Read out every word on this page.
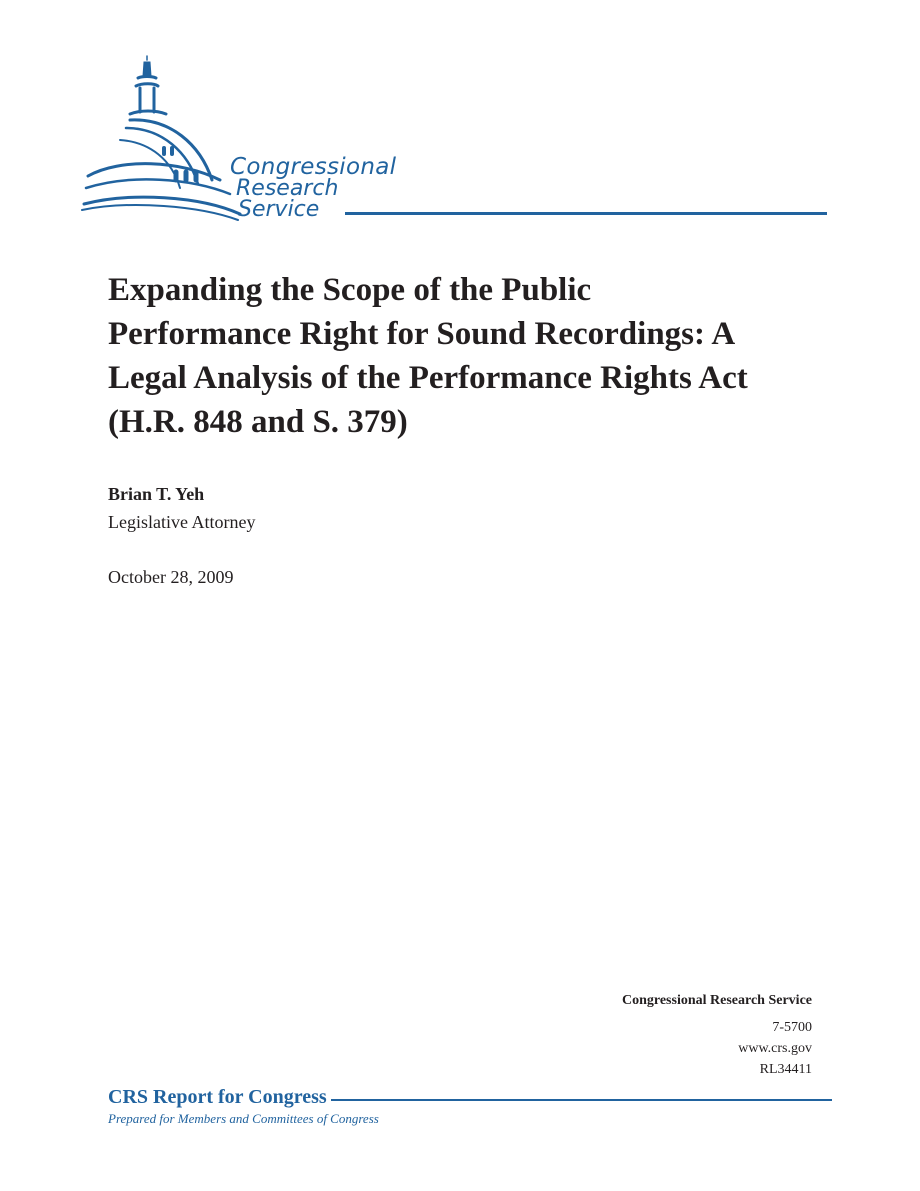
Congressional
Research
Service
Expanding the Scope of the Public
Performance Right for Sound Recordings: A
Legal Analysis of the Performance Rights Act
(H.R. 848 and S. 379)
Brian T. Yeh
Legislative Attorney
October 28, 2009
Congressional Research Service
7-5700
www.crs.gov
RL34411
CRS Report for Congress
Prepared for Members and Committees of Congress
